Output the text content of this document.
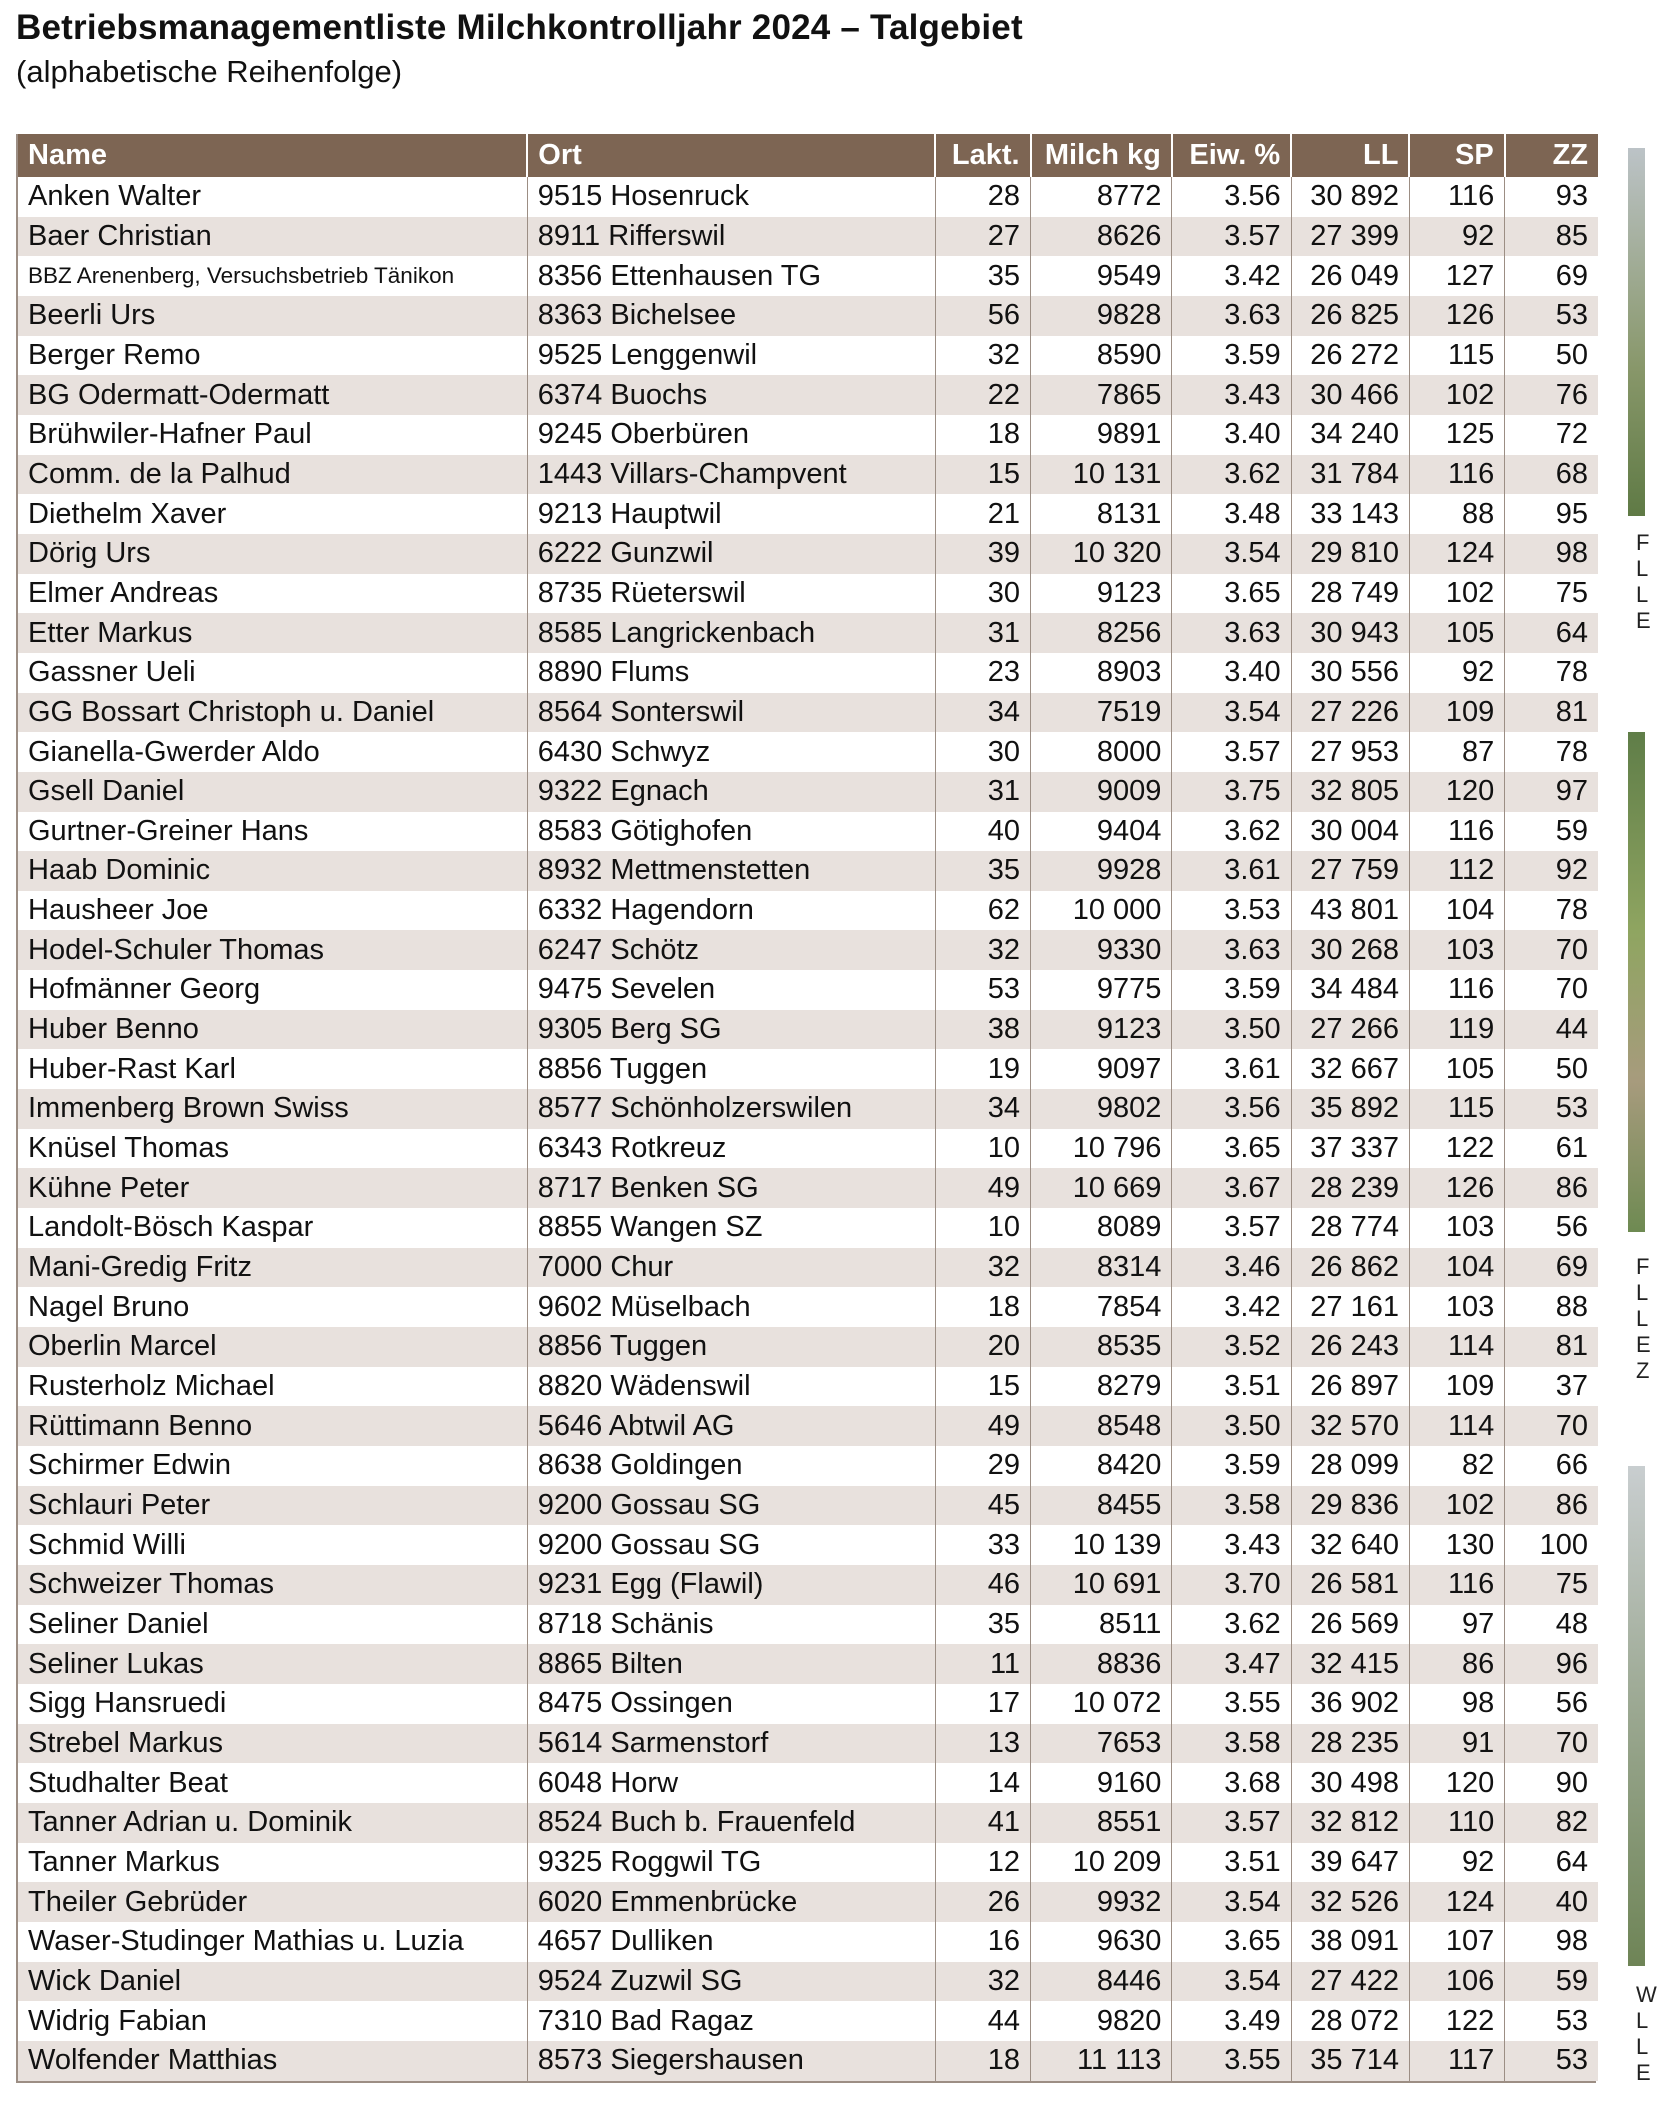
Betriebsmanagementliste Milchkontrolljahr 2024 – Talgebiet
(alphabetische Reihenfolge)
Name	Ort	Lakt.	Milch kg	Eiw. %	LL	SP	ZZ
Anken Walter	9515 Hosenruck	28	8772	3.56	30 892	116	93
Baer Christian	8911 Rifferswil	27	8626	3.57	27 399	92	85
BBZ Arenenberg, Versuchsbetrieb Tänikon	8356 Ettenhausen TG	35	9549	3.42	26 049	127	69
Beerli Urs	8363 Bichelsee	56	9828	3.63	26 825	126	53
Berger Remo	9525 Lenggenwil	32	8590	3.59	26 272	115	50
BG Odermatt-Odermatt	6374 Buochs	22	7865	3.43	30 466	102	76
Brühwiler-Hafner Paul	9245 Oberbüren	18	9891	3.40	34 240	125	72
Comm. de la Palhud	1443 Villars-Champvent	15	10 131	3.62	31 784	116	68
Diethelm Xaver	9213 Hauptwil	21	8131	3.48	33 143	88	95
Dörig Urs	6222 Gunzwil	39	10 320	3.54	29 810	124	98
Elmer Andreas	8735 Rüeterswil	30	9123	3.65	28 749	102	75
Etter Markus	8585 Langrickenbach	31	8256	3.63	30 943	105	64
Gassner Ueli	8890 Flums	23	8903	3.40	30 556	92	78
GG Bossart Christoph u. Daniel	8564 Sonterswil	34	7519	3.54	27 226	109	81
Gianella-Gwerder Aldo	6430 Schwyz	30	8000	3.57	27 953	87	78
Gsell Daniel	9322 Egnach	31	9009	3.75	32 805	120	97
Gurtner-Greiner Hans	8583 Götighofen	40	9404	3.62	30 004	116	59
Haab Dominic	8932 Mettmenstetten	35	9928	3.61	27 759	112	92
Hausheer Joe	6332 Hagendorn	62	10 000	3.53	43 801	104	78
Hodel-Schuler Thomas	6247 Schötz	32	9330	3.63	30 268	103	70
Hofmänner Georg	9475 Sevelen	53	9775	3.59	34 484	116	70
Huber Benno	9305 Berg SG	38	9123	3.50	27 266	119	44
Huber-Rast Karl	8856 Tuggen	19	9097	3.61	32 667	105	50
Immenberg Brown Swiss	8577 Schönholzerswilen	34	9802	3.56	35 892	115	53
Knüsel Thomas	6343 Rotkreuz	10	10 796	3.65	37 337	122	61
Kühne Peter	8717 Benken SG	49	10 669	3.67	28 239	126	86
Landolt-Bösch Kaspar	8855 Wangen SZ	10	8089	3.57	28 774	103	56
Mani-Gredig Fritz	7000 Chur	32	8314	3.46	26 862	104	69
Nagel Bruno	9602 Müselbach	18	7854	3.42	27 161	103	88
Oberlin Marcel	8856 Tuggen	20	8535	3.52	26 243	114	81
Rusterholz Michael	8820 Wädenswil	15	8279	3.51	26 897	109	37
Rüttimann Benno	5646 Abtwil AG	49	8548	3.50	32 570	114	70
Schirmer Edwin	8638 Goldingen	29	8420	3.59	28 099	82	66
Schlauri Peter	9200 Gossau SG	45	8455	3.58	29 836	102	86
Schmid Willi	9200 Gossau SG	33	10 139	3.43	32 640	130	100
Schweizer Thomas	9231 Egg (Flawil)	46	10 691	3.70	26 581	116	75
Seliner Daniel	8718 Schänis	35	8511	3.62	26 569	97	48
Seliner Lukas	8865 Bilten	11	8836	3.47	32 415	86	96
Sigg Hansruedi	8475 Ossingen	17	10 072	3.55	36 902	98	56
Strebel Markus	5614 Sarmenstorf	13	7653	3.58	28 235	91	70
Studhalter Beat	6048 Horw	14	9160	3.68	30 498	120	90
Tanner Adrian u. Dominik	8524 Buch b. Frauenfeld	41	8551	3.57	32 812	110	82
Tanner Markus	9325 Roggwil TG	12	10 209	3.51	39 647	92	64
Theiler Gebrüder	6020 Emmenbrücke	26	9932	3.54	32 526	124	40
Waser-Studinger Mathias u. Luzia	4657 Dulliken	16	9630	3.65	38 091	107	98
Wick Daniel	9524 Zuzwil SG	32	8446	3.54	27 422	106	59
Widrig Fabian	7310 Bad Ragaz	44	9820	3.49	28 072	122	53
Wolfender Matthias	8573 Siegershausen	18	11 113	3.55	35 714	117	53
F
L
L
E
F
L
L
E
Z
W
L
L
E
